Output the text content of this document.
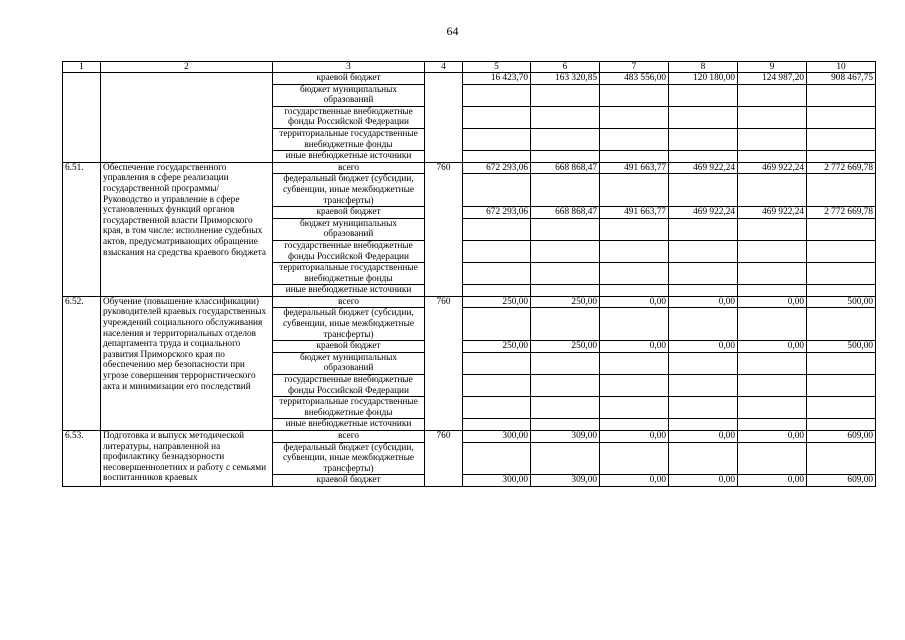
64
1	2	3	4	5	6	7	8	9	10
		краевой бюджет		16 423,70	163 320,85	483 556,00	120 180,00	124 987,20	908 467,75
		бюджет муниципальных образований							
		государственные внебюджетные фонды Российской Федерации							
		территориальные государственные внебюджетные фонды							
		иные внебюджетные источники							
6.51.	Обеспечение государственного управления в сфере реализации государственной программы/ Руководство и управление в сфере установленных функций органов государственной власти Приморского края, в том числе: исполнение судебных актов, предусматривающих обращение взыскания на средства краевого бюджета	всего	760	672 293,06	668 868,47	491 663,77	469 922,24	469 922,24	2 772 669,78
		федеральный бюджет (субсидии, субвенции, иные межбюджетные трансферты)							
		краевой бюджет		672 293,06	668 868,47	491 663,77	469 922,24	469 922,24	2 772 669,78
		бюджет муниципальных образований							
		государственные внебюджетные фонды Российской Федерации							
		территориальные государственные внебюджетные фонды							
		иные внебюджетные источники							
6.52.	Обучение (повышение классификации) руководителей краевых государственных учреждений социального обслуживания населения и территориальных отделов департамента труда и социального развития Приморского края по обеспечению мер безопасности при угрозе совершения террористического акта и минимизации его последствий	всего	760	250,00	250,00	0,00	0,00	0,00	500,00
		федеральный бюджет (субсидии, субвенции, иные межбюджетные трансферты)							
		краевой бюджет		250,00	250,00	0,00	0,00	0,00	500,00
		бюджет муниципальных образований							
		государственные внебюджетные фонды Российской Федерации							
		территориальные государственные внебюджетные фонды							
		иные внебюджетные источники							
6.53.	Подготовка и выпуск методической литературы, направленной на профилактику безнадзорности несовершеннолетних и работу с семьями воспитанников краевых	всего	760	300,00	309,00	0,00	0,00	0,00	609,00
		федеральный бюджет (субсидии, субвенции, иные межбюджетные трансферты)							
		краевой бюджет		300,00	309,00	0,00	0,00	0,00	609,00
